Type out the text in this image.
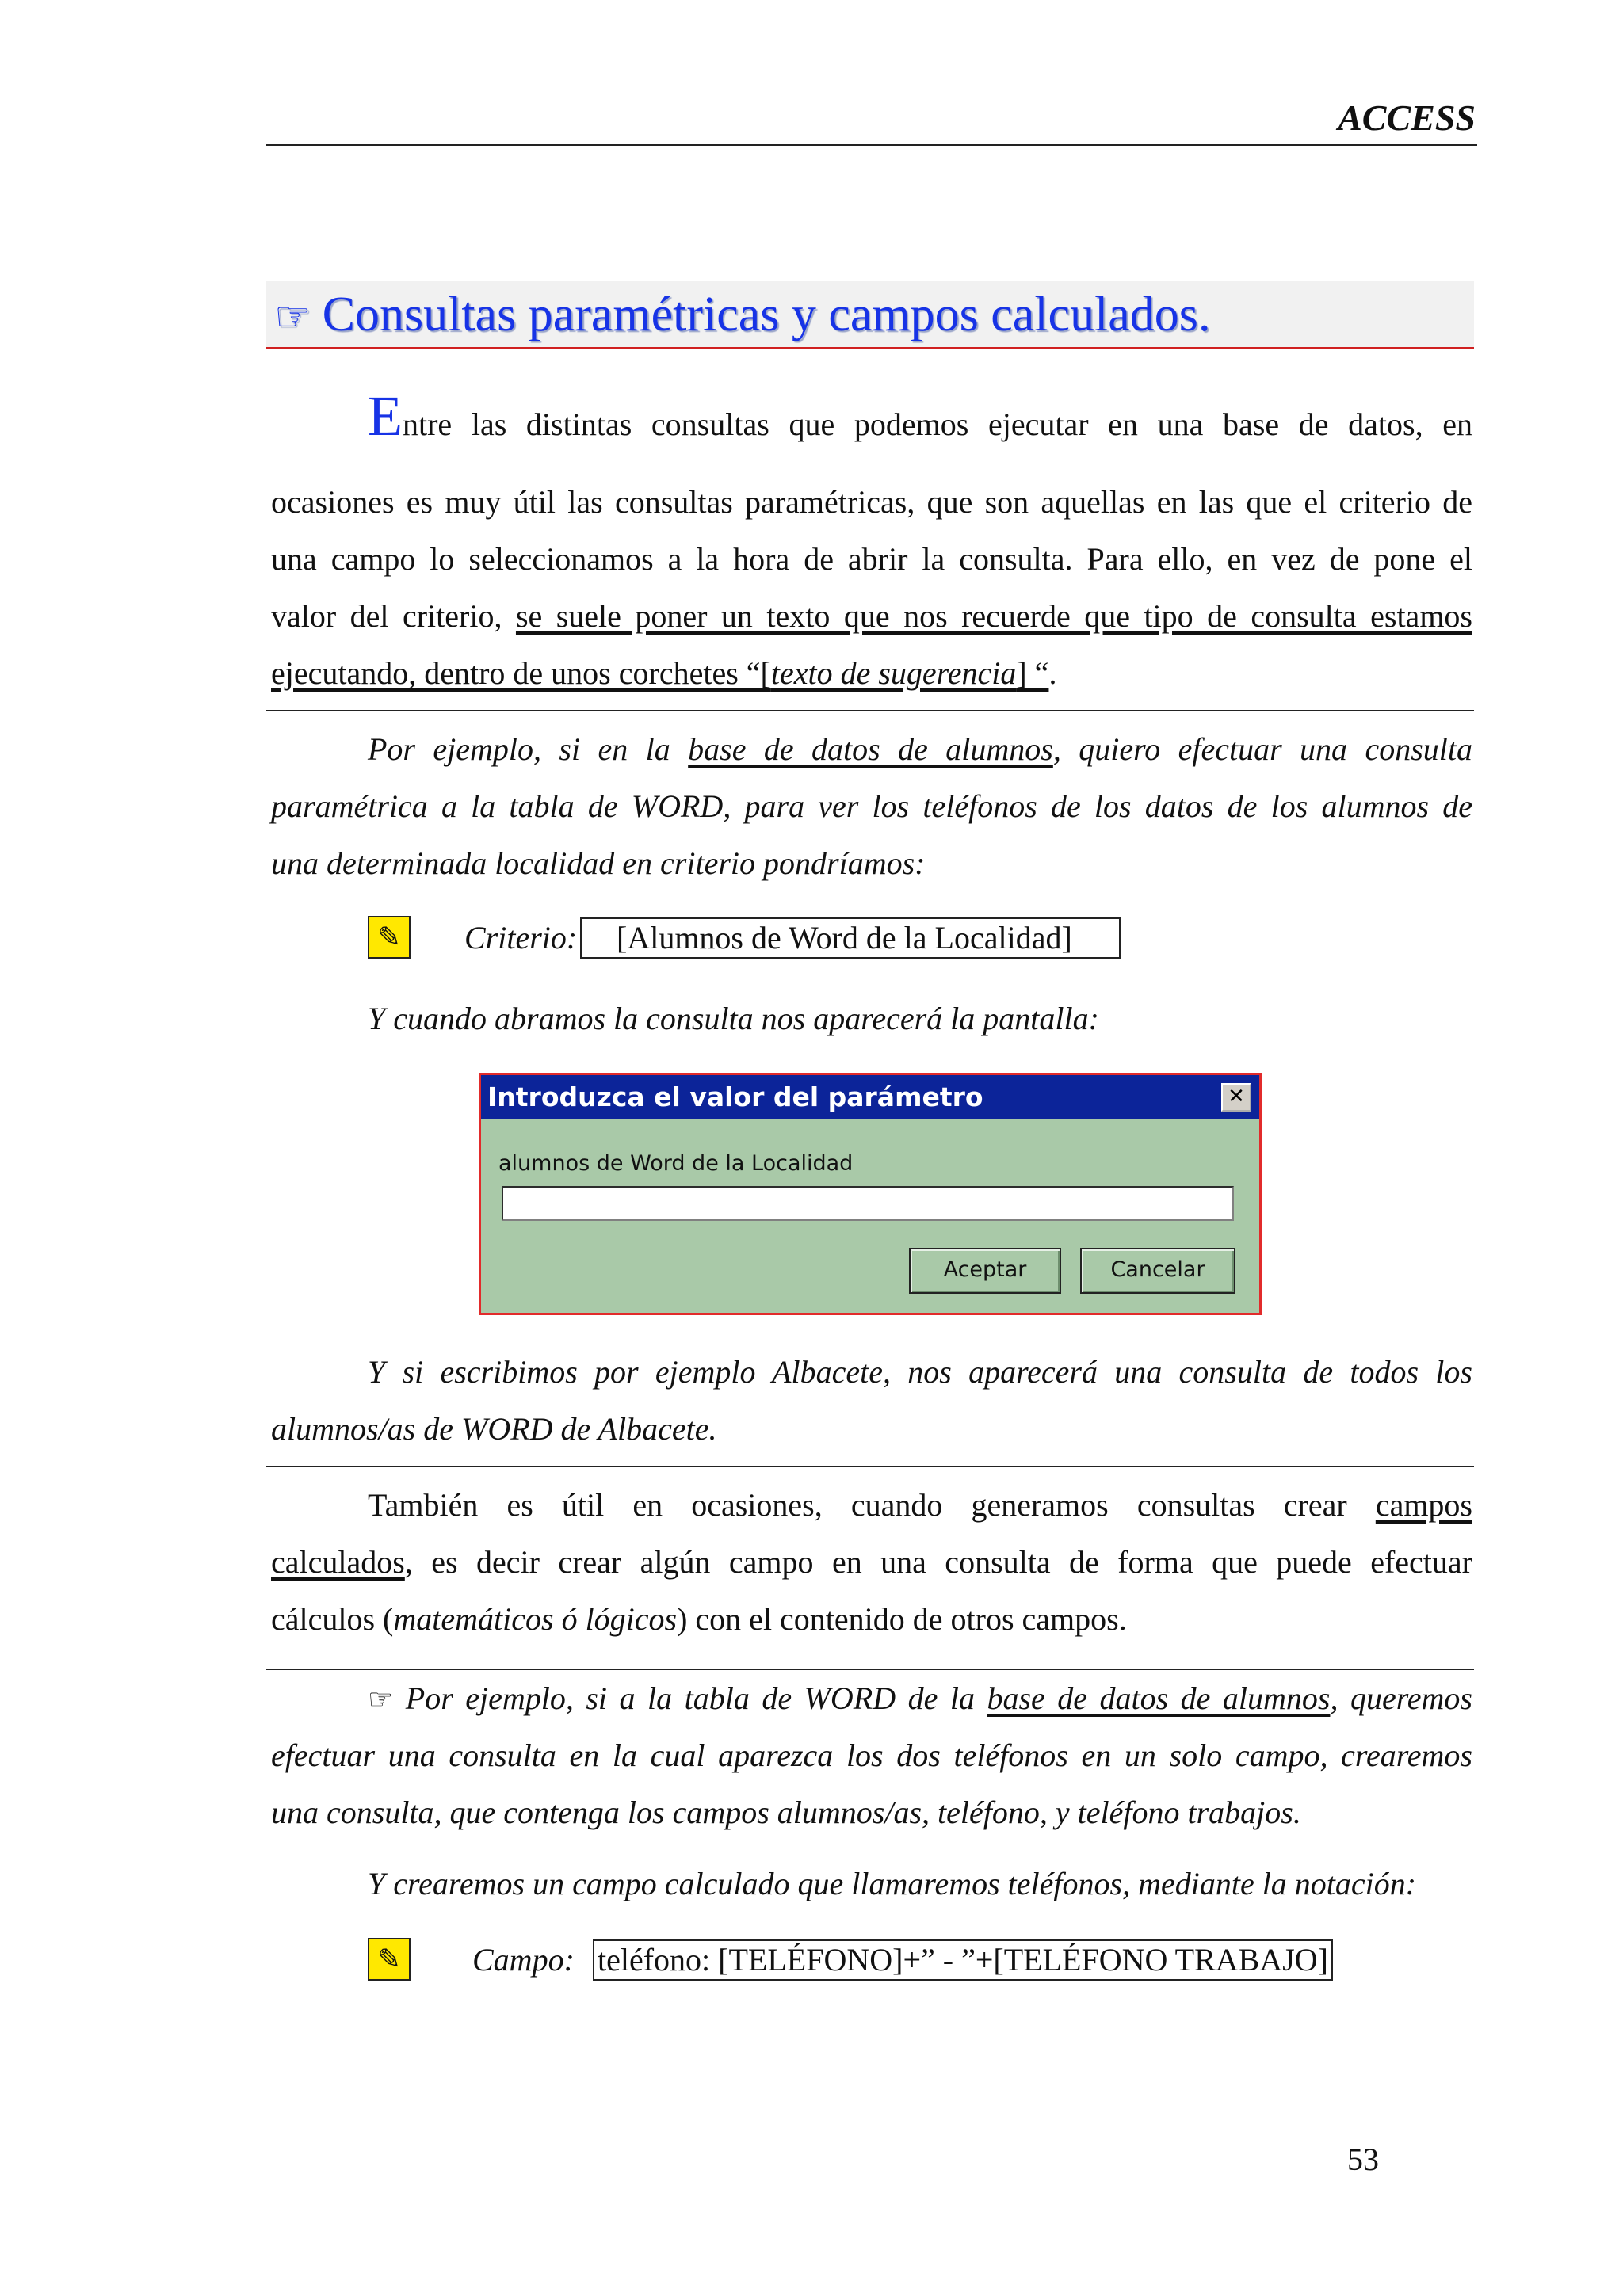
ACCESS
☞ Consultas paramétricas y campos calculados.
Entre las distintas consultas que podemos ejecutar en una base de datos, en
ocasiones es muy útil las consultas paramétricas, que son aquellas en las que el criterio de
una campo lo seleccionamos a la hora de abrir la consulta. Para ello, en vez de pone el
valor del criterio, se suele poner un texto que nos recuerde que tipo de consulta estamos
ejecutando, dentro de unos corchetes “[texto de sugerencia] “.
Por ejemplo, si en la base de datos de alumnos, quiero efectuar una consulta
paramétrica a la tabla de WORD, para ver los teléfonos de los datos de los alumnos de
una determinada localidad en criterio pondríamos:
✎ Criterio:	[Alumnos de Word de la Localidad]
Y cuando abramos la consulta nos aparecerá la pantalla:
Introduzca el valor del parámetro	✕
alumnos de Word de la Localidad
Aceptar	Cancelar
Y si escribimos por ejemplo Albacete, nos aparecerá una consulta de todos los
alumnos/as de WORD de Albacete.
También es útil en ocasiones, cuando generamos consultas crear campos
calculados, es decir crear algún campo en una consulta de forma que puede efectuar
cálculos (matemáticos ó lógicos) con el contenido de otros campos.
☞ Por ejemplo, si a la tabla de WORD de la base de datos de alumnos, queremos
efectuar una consulta en la cual aparezca los dos teléfonos en un solo campo, crearemos
una consulta, que contenga los campos alumnos/as, teléfono, y teléfono trabajos.
Y crearemos un campo calculado que llamaremos teléfonos, mediante la notación:
✎ Campo: teléfono: [TELÉFONO]+” - ”+[TELÉFONO TRABAJO]
53
